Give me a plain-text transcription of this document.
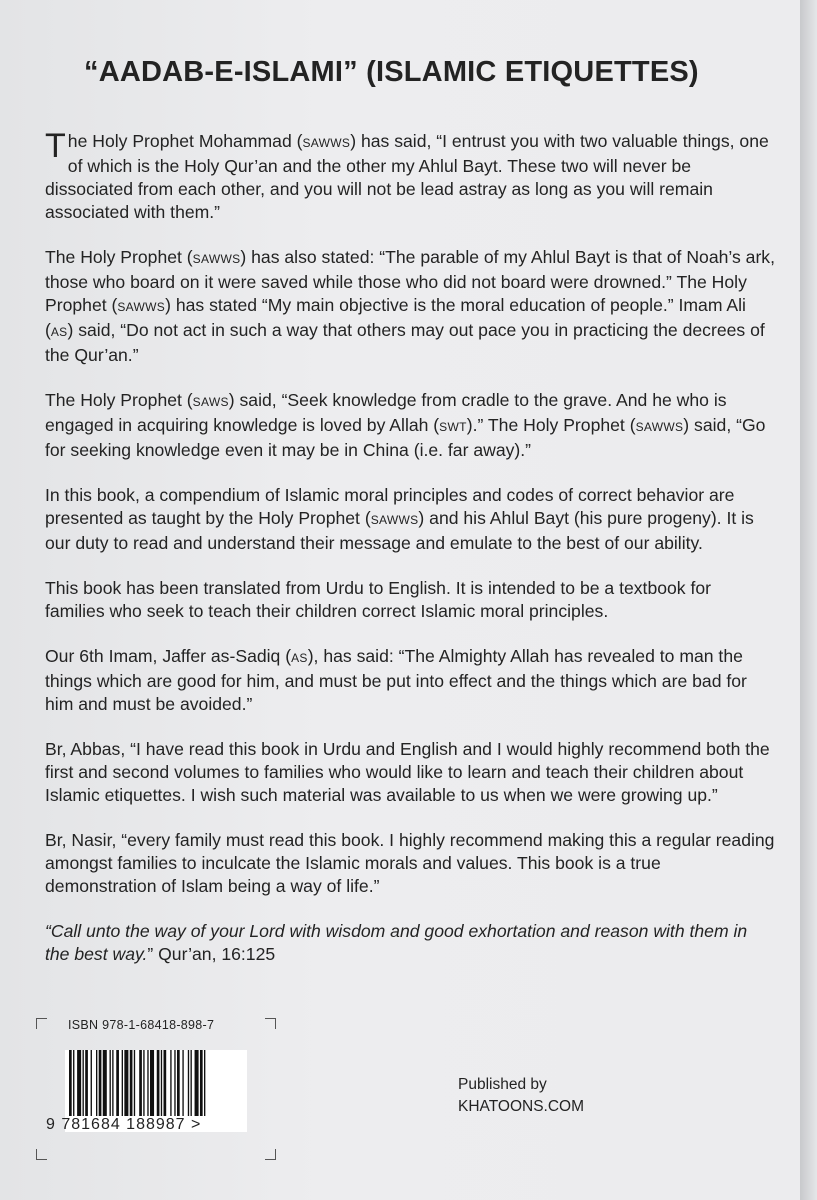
“AADAB-E-ISLAMI” (ISLAMIC ETIQUETTES)

The Holy Prophet Mohammad (SAWWS) has said, “I entrust you with two valuable things, one of which is the Holy Qur’an and the other my Ahlul Bayt. These two will never be dissociated from each other, and you will not be lead astray as long as you will remain associated with them.”

The Holy Prophet (SAWWS) has also stated: “The parable of my Ahlul Bayt is that of Noah’s ark, those who board on it were saved while those who did not board were drowned.” The Holy Prophet (SAWWS) has stated “My main objective is the moral education of people.” Imam Ali (AS) said, “Do not act in such a way that others may out pace you in practicing the decrees of the Qur’an.”

The Holy Prophet (SAWS) said, “Seek knowledge from cradle to the grave. And he who is engaged in acquiring knowledge is loved by Allah (SWT).” The Holy Prophet (SAWWS) said, “Go for seeking knowledge even it may be in China (i.e. far away).”

In this book, a compendium of Islamic moral principles and codes of correct behavior are presented as taught by the Holy Prophet (SAWWS) and his Ahlul Bayt (his pure progeny). It is our duty to read and understand their message and emulate to the best of our ability.

This book has been translated from Urdu to English. It is intended to be a textbook for families who seek to teach their children correct Islamic moral principles.

Our 6th Imam, Jaffer as-Sadiq (AS), has said: “The Almighty Allah has revealed to man the things which are good for him, and must be put into effect and the things which are bad for him and must be avoided.”

Br, Abbas, “I have read this book in Urdu and English and I would highly recommend both the first and second volumes to families who would like to learn and teach their children about Islamic etiquettes. I wish such material was available to us when we were growing up.”

Br, Nasir, “every family must read this book. I highly recommend making this a regular reading amongst families to inculcate the Islamic morals and values. This book is a true demonstration of Islam being a way of life.”

“Call unto the way of your Lord with wisdom and good exhortation and reason with them in the best way.” Qur’an, 16:125

ISBN 978-1-68418-898-7
9 781684 188987 >
Published by
KHATOONS.COM
